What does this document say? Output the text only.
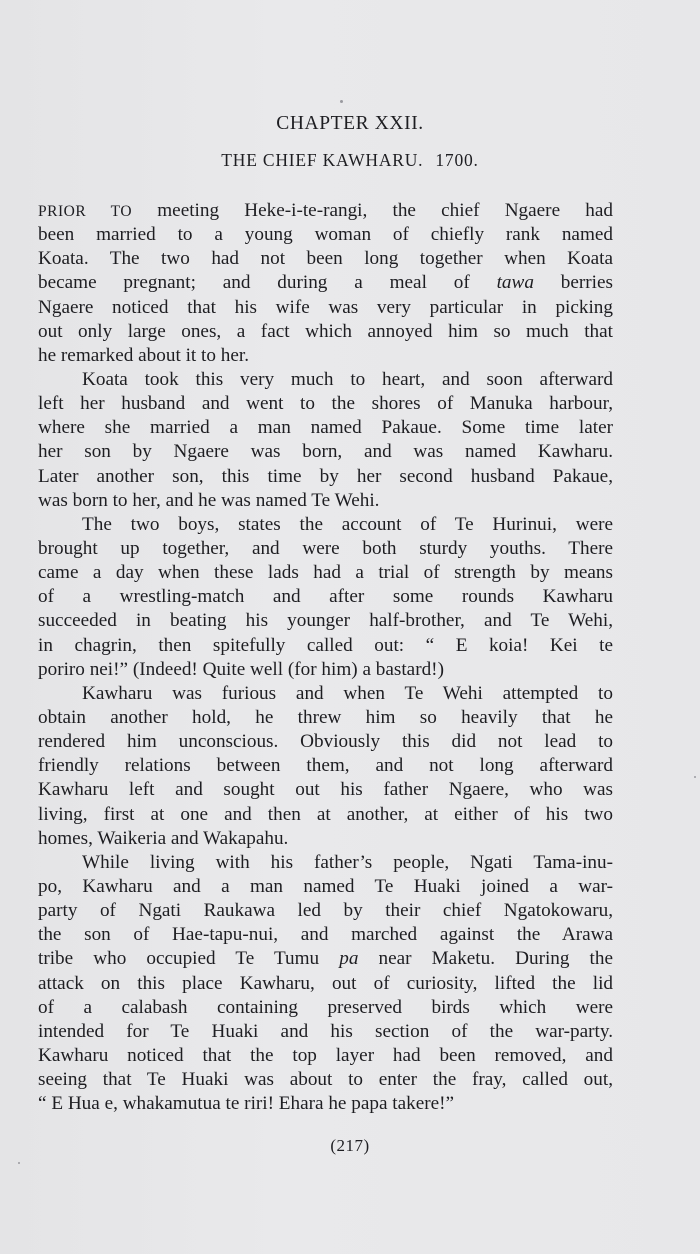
CHAPTER XXII.
THE CHIEF KAWHARU. 1700.
PRIOR TO meeting Heke-i-te-rangi, the chief Ngaere had
been married to a young woman of chiefly rank named
Koata. The two had not been long together when Koata
became pregnant; and during a meal of tawa berries
Ngaere noticed that his wife was very particular in picking
out only large ones, a fact which annoyed him so much that
he remarked about it to her.
Koata took this very much to heart, and soon afterward
left her husband and went to the shores of Manuka harbour,
where she married a man named Pakaue. Some time later
her son by Ngaere was born, and was named Kawharu.
Later another son, this time by her second husband Pakaue,
was born to her, and he was named Te Wehi.
The two boys, states the account of Te Hurinui, were
brought up together, and were both sturdy youths. There
came a day when these lads had a trial of strength by means
of a wrestling-match and after some rounds Kawharu
succeeded in beating his younger half-brother, and Te Wehi,
in chagrin, then spitefully called out: “ E koia! Kei te
poriro nei!” (Indeed! Quite well (for him) a bastard!)
Kawharu was furious and when Te Wehi attempted to
obtain another hold, he threw him so heavily that he
rendered him unconscious. Obviously this did not lead to
friendly relations between them, and not long afterward
Kawharu left and sought out his father Ngaere, who was
living, first at one and then at another, at either of his two
homes, Waikeria and Wakapahu.
While living with his father’s people, Ngati Tama-inu-
po, Kawharu and a man named Te Huaki joined a war-
party of Ngati Raukawa led by their chief Ngatokowaru,
the son of Hae-tapu-nui, and marched against the Arawa
tribe who occupied Te Tumu pa near Maketu. During the
attack on this place Kawharu, out of curiosity, lifted the lid
of a calabash containing preserved birds which were
intended for Te Huaki and his section of the war-party.
Kawharu noticed that the top layer had been removed, and
seeing that Te Huaki was about to enter the fray, called out,
“ E Hua e, whakamutua te riri! Ehara he papa takere!”
(217)
